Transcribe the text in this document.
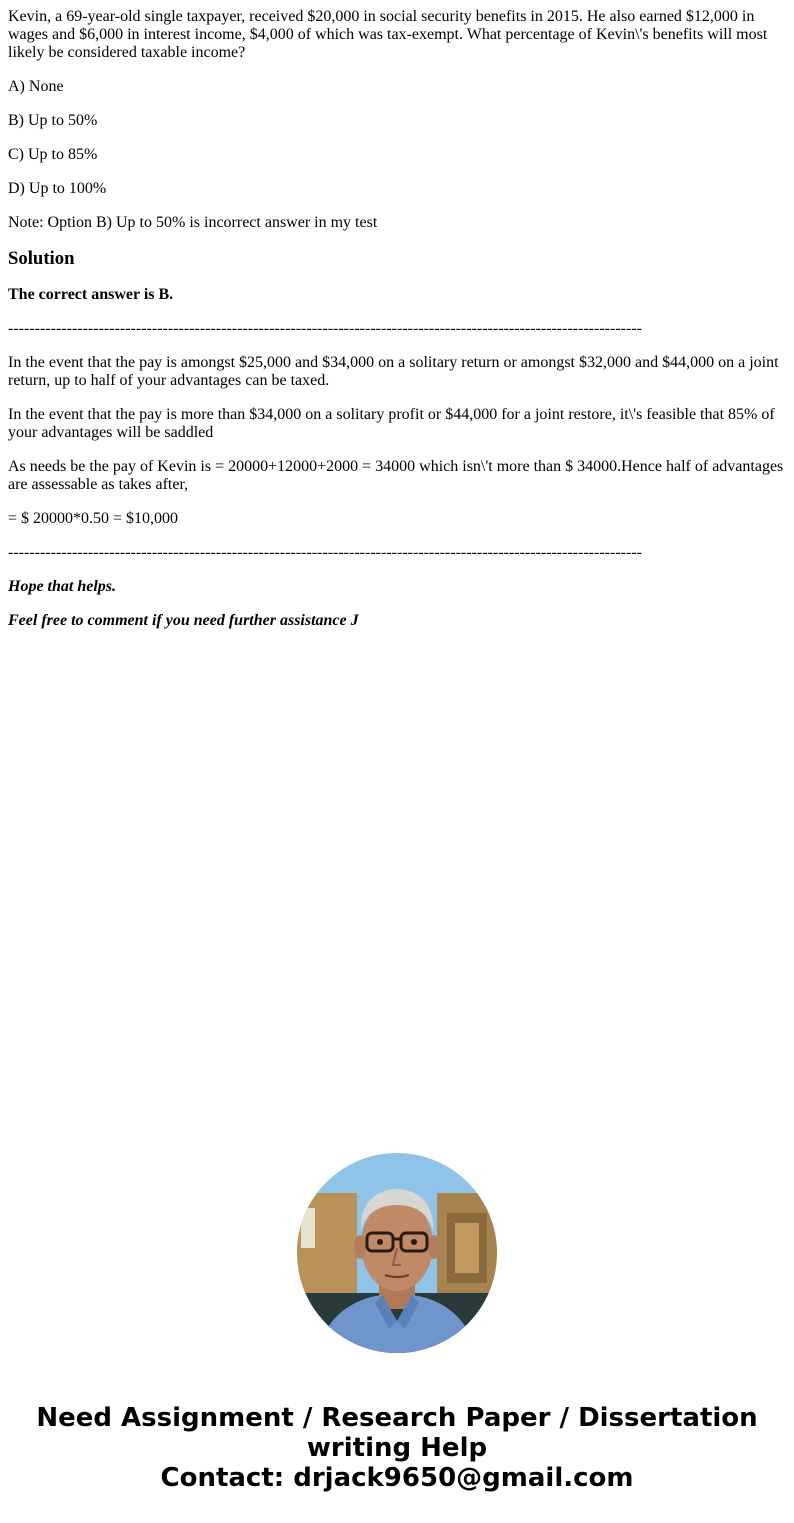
Kevin, a 69-year-old single taxpayer, received $20,000 in social security benefits in 2015. He also earned $12,000 in wages and $6,000 in interest income, $4,000 of which was tax-exempt. What percentage of Kevin\'s benefits will most likely be considered taxable income?

A) None

B) Up to 50%

C) Up to 85%

D) Up to 100%

Note: Option B) Up to 50% is incorrect answer in my test

Solution

The correct answer is B.

-----------------------------------------------------------------------------------------------------------------------

In the event that the pay is amongst $25,000 and $34,000 on a solitary return or amongst $32,000 and $44,000 on a joint return, up to half of your advantages can be taxed.

In the event that the pay is more than $34,000 on a solitary profit or $44,000 for a joint restore, it\'s feasible that 85% of your advantages will be saddled

As needs be the pay of Kevin is = 20000+12000+2000 = 34000 which isn\'t more than $ 34000.Hence half of advantages are assessable as takes after,

= $ 20000*0.50 = $10,000

-----------------------------------------------------------------------------------------------------------------------

Hope that helps.

Feel free to comment if you need further assistance J

Need Assignment / Research Paper / Dissertation
writing Help
Contact: drjack9650@gmail.com
